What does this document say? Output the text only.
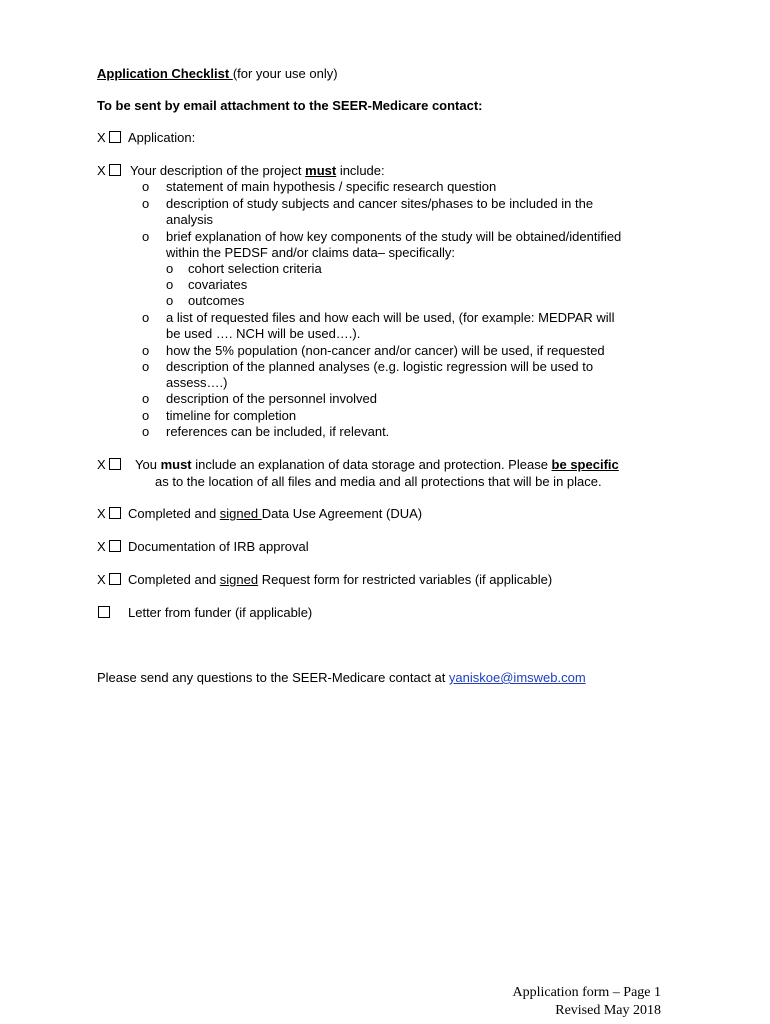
Application Checklist (for your use only)
To be sent by email attachment to the SEER-Medicare contact:
X Application:
X Your description of the project must include:
o	statement of main hypothesis / specific research question
o	description of study subjects and cancer sites/phases to be included in the
analysis
o	brief explanation of how key components of the study will be obtained/identified
within the PEDSF and/or claims data– specifically:
o	cohort selection criteria
o	covariates
o	outcomes
o	a list of requested files and how each will be used, (for example: MEDPAR will
be used …. NCH will be used….).
o	how the 5% population (non-cancer and/or cancer) will be used, if requested
o	description of the planned analyses (e.g. logistic regression will be used to
assess….)
o	description of the personnel involved
o	timeline for completion
o	references can be included, if relevant.
X You must include an explanation of data storage and protection. Please be specific
as to the location of all files and media and all protections that will be in place.
X Completed and signed Data Use Agreement (DUA)
X Documentation of IRB approval
X Completed and signed Request form for restricted variables (if applicable)
Letter from funder (if applicable)
Please send any questions to the SEER-Medicare contact at yaniskoe@imsweb.com
Application form – Page 1
Revised May 2018
